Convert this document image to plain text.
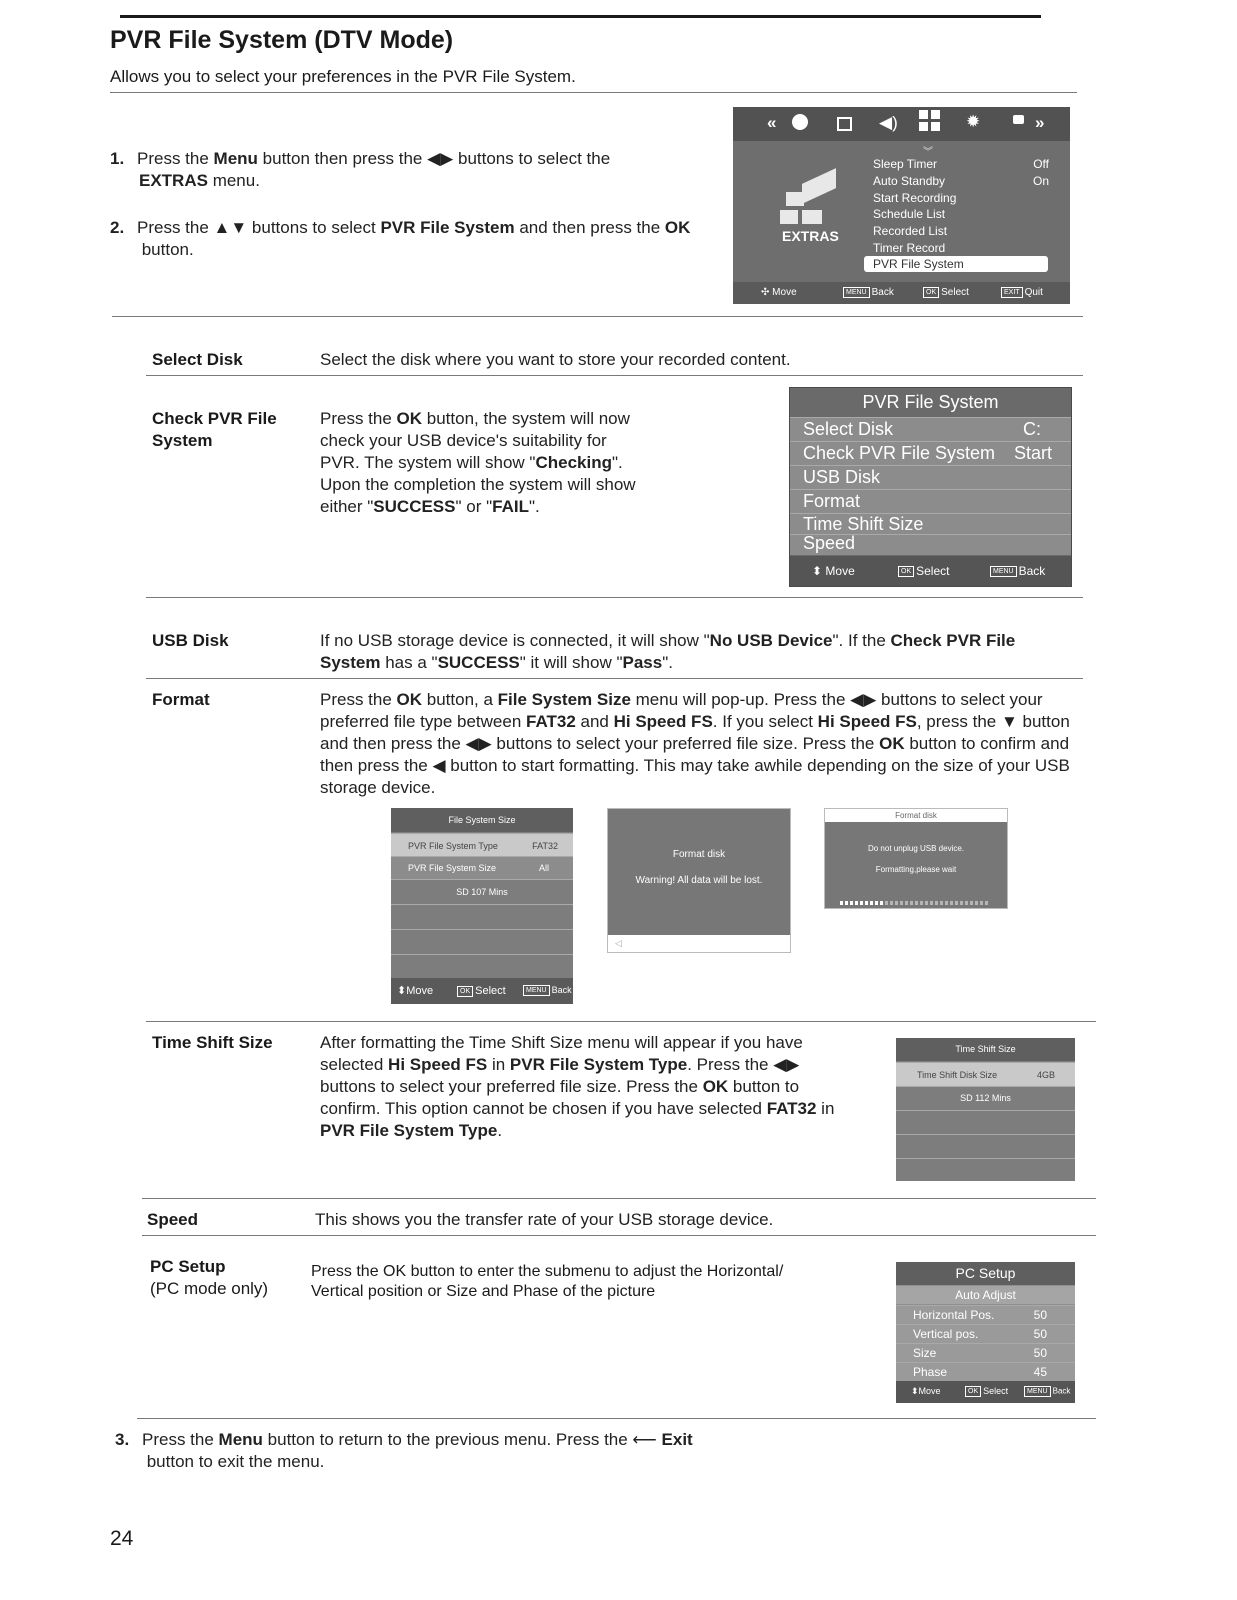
PVR File System (DTV Mode)
Allows you to select your preferences in the PVR File System.
1. Press the Menu button then press the ◀▶ buttons to select the
EXTRAS menu.
2. Press the ▲▼ buttons to select PVR File System and then press the OK
button.
«	◀)	✹	»
︾
EXTRAS
Sleep Timer	Off
Auto Standby	On
Start Recording
Schedule List
Recorded List
Timer Record
PVR File System
✣ Move	MENU Back	OK Select	EXIT Quit
Select Disk	Select the disk where you want to store your recorded content.
Check PVR File
System
Press the OK button, the system will now check your USB device's suitability for PVR. The system will show "Checking". Upon the completion the system will show either "SUCCESS" or "FAIL".
PVR File System
Select Disk	C:
Check PVR File System Start
USB Disk
Format
Time Shift Size
Speed
⬍ Move	OK Select	MENU Back
USB Disk	If no USB storage device is connected, it will show "No USB Device". If the Check PVR File System has a "SUCCESS" it will show "Pass".
Format	Press the OK button, a File System Size menu will pop-up. Press the ◀▶ buttons to select your preferred file type between FAT32 and Hi Speed FS. If you select Hi Speed FS, press the ▼ button and then press the ◀▶ buttons to select your preferred file size. Press the OK button to confirm and then press the ◀ button to start formatting. This may take awhile depending on the size of your USB storage device.
File System Size
PVR File System Type	FAT32
PVR File System Size	All
SD 107 Mins
⬍Move	OK Select	MENU Back
Format disk
Warning! All data will be lost.
◁
Format disk
Do not unplug USB device.
Formatting,please wait
Time Shift Size	After formatting the Time Shift Size menu will appear if you have selected Hi Speed FS in PVR File System Type. Press the ◀▶ buttons to select your preferred file size. Press the OK button to confirm. This option cannot be chosen if you have selected FAT32 in PVR File System Type.
Time Shift Size
Time Shift Disk Size	4GB
SD 112 Mins
Speed	This shows you the transfer rate of your USB storage device.
PC Setup
(PC mode only)
Press the OK button to enter the submenu to adjust the Horizontal/ Vertical position or Size and Phase of the picture
PC Setup
Auto Adjust
Horizontal Pos.	50
Vertical pos.	50
Size	50
Phase	45
⬍Move	OK Select	MENU Back
3. Press the Menu button to return to the previous menu. Press the ⟵ Exit
button to exit the menu.
24
